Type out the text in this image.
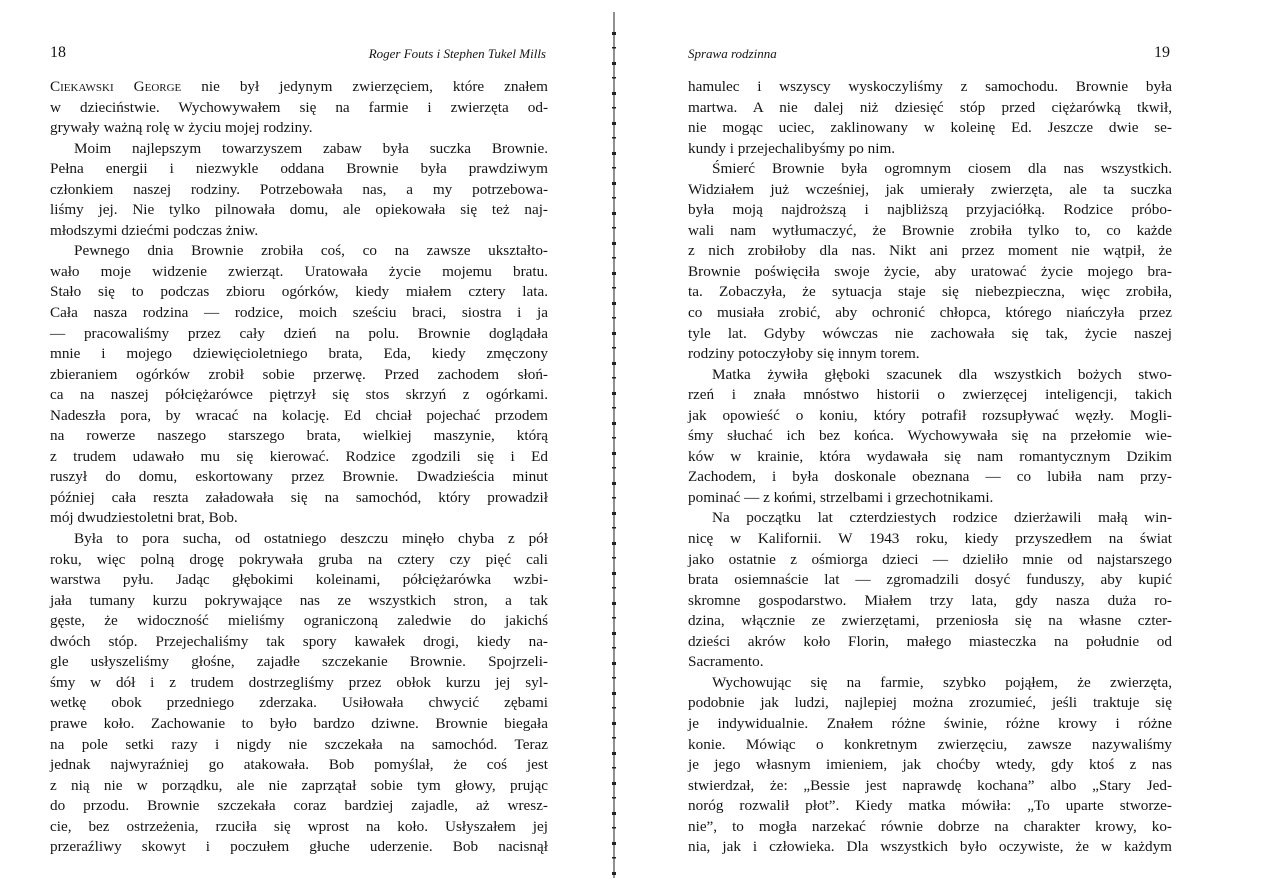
18	Roger Fouts i Stephen Tukel Mills
Ciekawski George nie był jedynym zwierzęciem, które znałem
w dzieciństwie. Wychowywałem się na farmie i zwierzęta od-
grywały ważną rolę w życiu mojej rodziny.
Moim najlepszym towarzyszem zabaw była suczka Brownie.
Pełna energii i niezwykle oddana Brownie była prawdziwym
członkiem naszej rodziny. Potrzebowała nas, a my potrzebowa-
liśmy jej. Nie tylko pilnowała domu, ale opiekowała się też naj-
młodszymi dziećmi podczas żniw.
Pewnego dnia Brownie zrobiła coś, co na zawsze ukształto-
wało moje widzenie zwierząt. Uratowała życie mojemu bratu.
Stało się to podczas zbioru ogórków, kiedy miałem cztery lata.
Cała nasza rodzina — rodzice, moich sześciu braci, siostra i ja
— pracowaliśmy przez cały dzień na polu. Brownie doglądała
mnie i mojego dziewięcioletniego brata, Eda, kiedy zmęczony
zbieraniem ogórków zrobił sobie przerwę. Przed zachodem słoń-
ca na naszej półciężarówce piętrzył się stos skrzyń z ogórkami.
Nadeszła pora, by wracać na kolację. Ed chciał pojechać przodem
na rowerze naszego starszego brata, wielkiej maszynie, którą
z trudem udawało mu się kierować. Rodzice zgodzili się i Ed
ruszył do domu, eskortowany przez Brownie. Dwadzieścia minut
później cała reszta załadowała się na samochód, który prowadził
mój dwudziestoletni brat, Bob.
Była to pora sucha, od ostatniego deszczu minęło chyba z pół
roku, więc polną drogę pokrywała gruba na cztery czy pięć cali
warstwa pyłu. Jadąc głębokimi koleinami, półciężarówka wzbi-
jała tumany kurzu pokrywające nas ze wszystkich stron, a tak
gęste, że widoczność mieliśmy ograniczoną zaledwie do jakichś
dwóch stóp. Przejechaliśmy tak spory kawałek drogi, kiedy na-
gle usłyszeliśmy głośne, zajadłe szczekanie Brownie. Spojrzeli-
śmy w dół i z trudem dostrzegliśmy przez obłok kurzu jej syl-
wetkę obok przedniego zderzaka. Usiłowała chwycić zębami
prawe koło. Zachowanie to było bardzo dziwne. Brownie biegała
na pole setki razy i nigdy nie szczekała na samochód. Teraz
jednak najwyraźniej go atakowała. Bob pomyślał, że coś jest
z nią nie w porządku, ale nie zaprzątał sobie tym głowy, prując
do przodu. Brownie szczekała coraz bardziej zajadle, aż wresz-
cie, bez ostrzeżenia, rzuciła się wprost na koło. Usłyszałem jej
przeraźliwy skowyt i poczułem głuche uderzenie. Bob nacisnął
Sprawa rodzinna	19
hamulec i wszyscy wyskoczyliśmy z samochodu. Brownie była
martwa. A nie dalej niż dziesięć stóp przed ciężarówką tkwił,
nie mogąc uciec, zaklinowany w koleinę Ed. Jeszcze dwie se-
kundy i przejechalibyśmy po nim.
Śmierć Brownie była ogromnym ciosem dla nas wszystkich.
Widziałem już wcześniej, jak umierały zwierzęta, ale ta suczka
była moją najdroższą i najbliższą przyjaciółką. Rodzice próbo-
wali nam wytłumaczyć, że Brownie zrobiła tylko to, co każde
z nich zrobiłoby dla nas. Nikt ani przez moment nie wątpił, że
Brownie poświęciła swoje życie, aby uratować życie mojego bra-
ta. Zobaczyła, że sytuacja staje się niebezpieczna, więc zrobiła,
co musiała zrobić, aby ochronić chłopca, którego niańczyła przez
tyle lat. Gdyby wówczas nie zachowała się tak, życie naszej
rodziny potoczyłoby się innym torem.
Matka żywiła głęboki szacunek dla wszystkich bożych stwo-
rzeń i znała mnóstwo historii o zwierzęcej inteligencji, takich
jak opowieść o koniu, który potrafił rozsupływać węzły. Mogli-
śmy słuchać ich bez końca. Wychowywała się na przełomie wie-
ków w krainie, która wydawała się nam romantycznym Dzikim
Zachodem, i była doskonale obeznana — co lubiła nam przy-
pominać — z końmi, strzelbami i grzechotnikami.
Na początku lat czterdziestych rodzice dzierżawili małą win-
nicę w Kalifornii. W 1943 roku, kiedy przyszedłem na świat
jako ostatnie z ośmiorga dzieci — dzieliło mnie od najstarszego
brata osiemnaście lat — zgromadzili dosyć funduszy, aby kupić
skromne gospodarstwo. Miałem trzy lata, gdy nasza duża ro-
dzina, włącznie ze zwierzętami, przeniosła się na własne czter-
dzieści akrów koło Florin, małego miasteczka na południe od
Sacramento.
Wychowując się na farmie, szybko pojąłem, że zwierzęta,
podobnie jak ludzi, najlepiej można zrozumieć, jeśli traktuje się
je indywidualnie. Znałem różne świnie, różne krowy i różne
konie. Mówiąc o konkretnym zwierzęciu, zawsze nazywaliśmy
je jego własnym imieniem, jak choćby wtedy, gdy ktoś z nas
stwierdzał, że: „Bessie jest naprawdę kochana” albo „Stary Jed-
noróg rozwalił płot”. Kiedy matka mówiła: „To uparte stworze-
nie”, to mogła narzekać równie dobrze na charakter krowy, ko-
nia, jak i człowieka. Dla wszystkich było oczywiste, że w każdym
